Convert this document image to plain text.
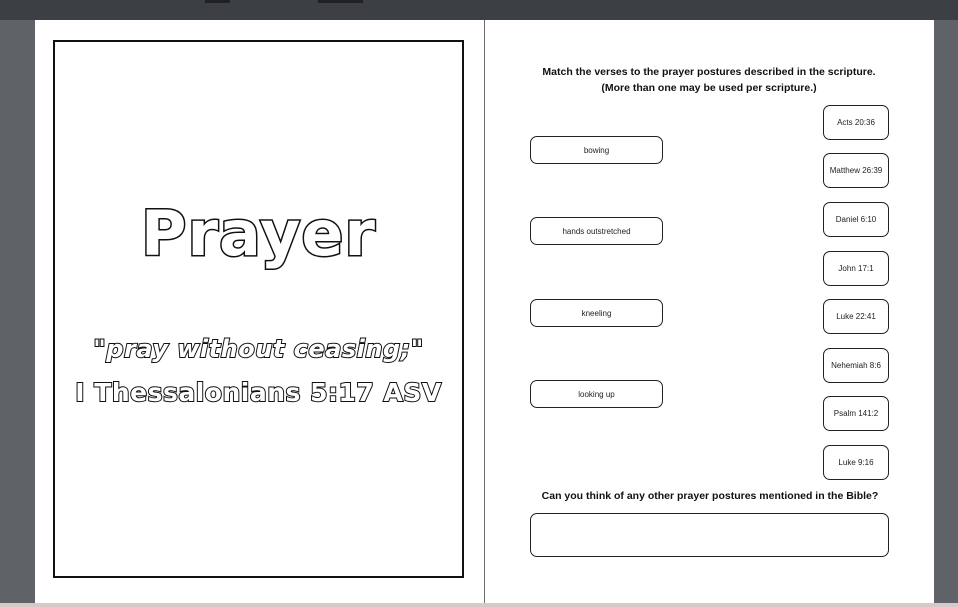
Prayer
"pray without ceasing;"
I Thessalonians 5:17 ASV
Match the verses to the prayer postures described in the scripture.
(More than one may be used per scripture.)
bowing
hands outstretched
kneeling
looking up
Acts 20:36
Matthew 26:39
Daniel 6:10
John 17:1
Luke 22:41
Nehemiah 8:6
Psalm 141:2
Luke 9:16
Can you think of any other prayer postures mentioned in the Bible?
